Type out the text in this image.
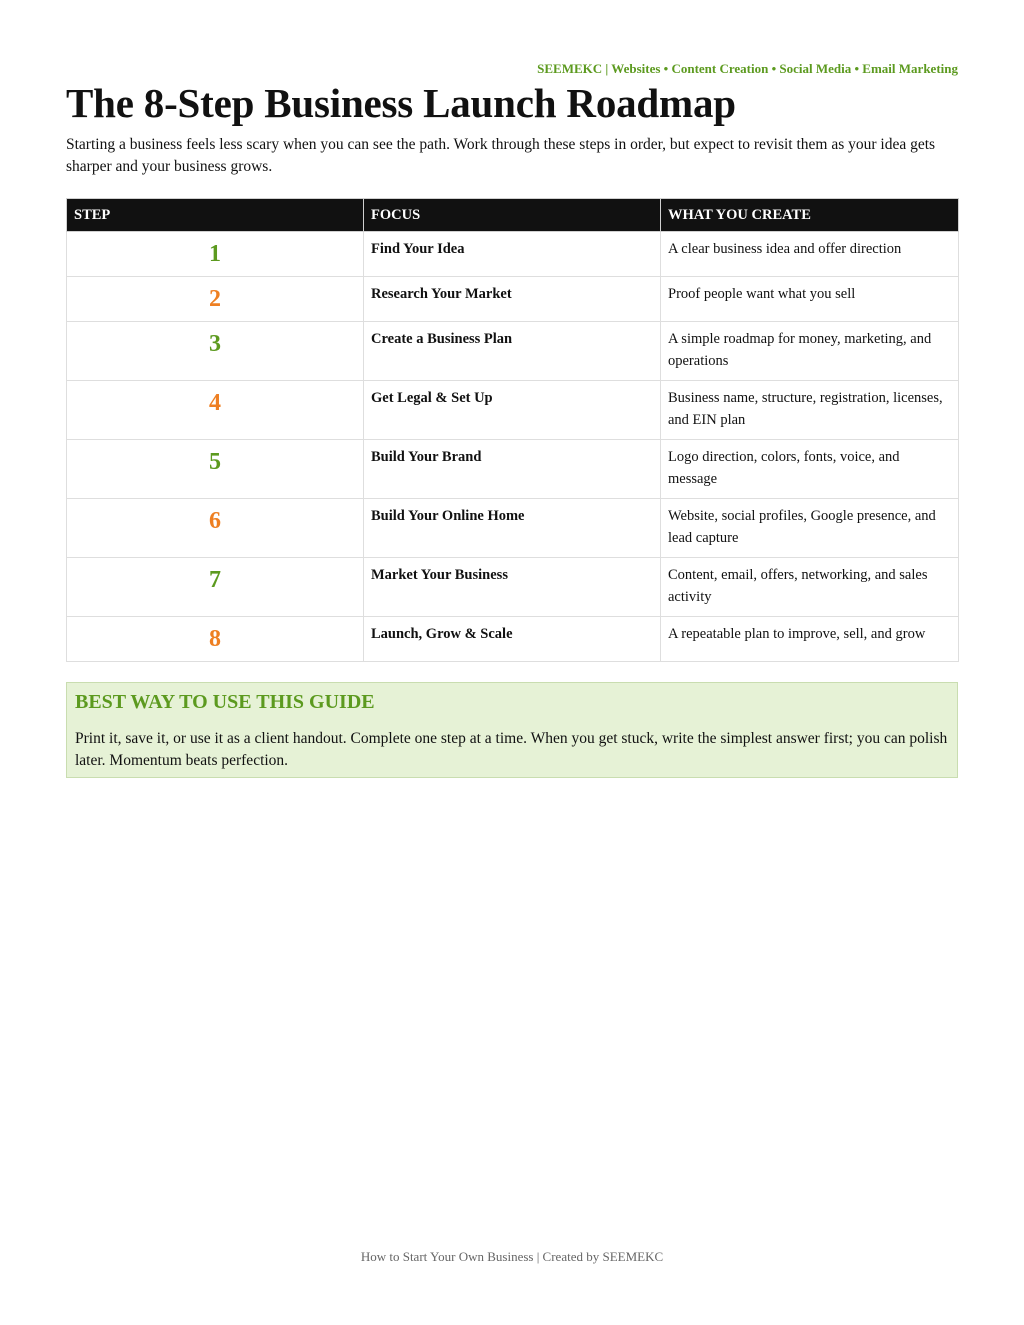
SEEMEKC | Websites • Content Creation • Social Media • Email Marketing

The 8-Step Business Launch Roadmap

Starting a business feels less scary when you can see the path. Work through these steps in order, but expect to revisit them as your idea gets sharper and your business grows.

STEP	FOCUS	WHAT YOU CREATE
1	Find Your Idea	A clear business idea and offer direction
2	Research Your Market	Proof people want what you sell
3	Create a Business Plan	A simple roadmap for money, marketing, and operations
4	Get Legal & Set Up	Business name, structure, registration, licenses, and EIN plan
5	Build Your Brand	Logo direction, colors, fonts, voice, and message
6	Build Your Online Home	Website, social profiles, Google presence, and lead capture
7	Market Your Business	Content, email, offers, networking, and sales activity
8	Launch, Grow & Scale	A repeatable plan to improve, sell, and grow
BEST WAY TO USE THIS GUIDE

Print it, save it, or use it as a client handout. Complete one step at a time. When you get stuck, write the simplest answer first; you can polish later. Momentum beats perfection.

How to Start Your Own Business | Created by SEEMEKC
